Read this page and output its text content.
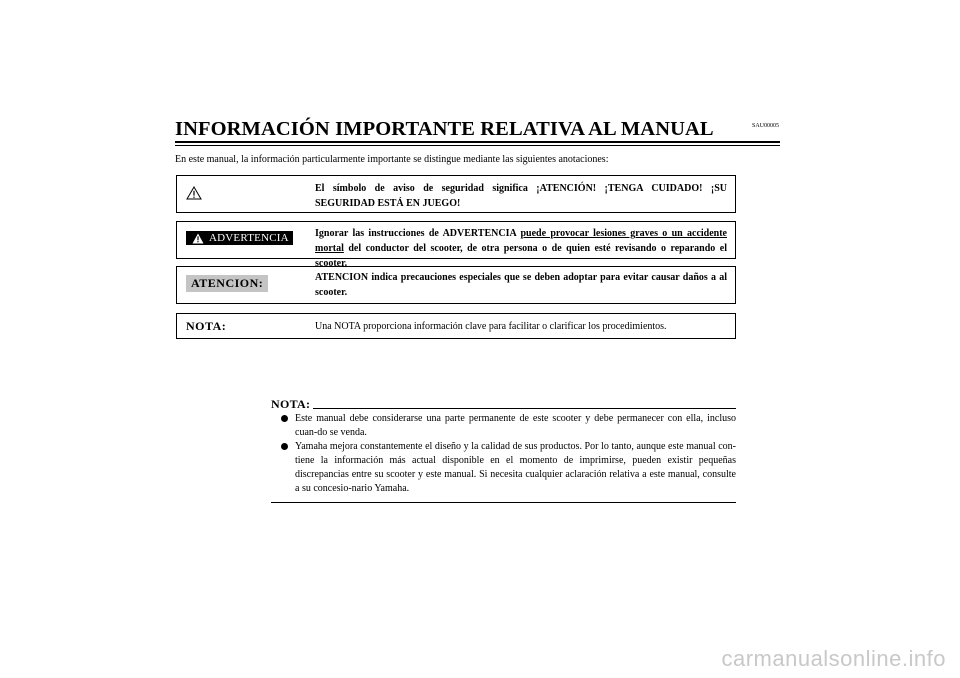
SAU00005
INFORMACIÓN IMPORTANTE RELATIVA AL MANUAL
En este manual, la información particularmente importante se distingue mediante las siguientes anotaciones:
El símbolo de aviso de seguridad significa ¡ATENCIÓN! ¡TENGA CUIDADO! ¡SU SEGURIDAD ESTÁ EN JUEGO!
ADVERTENCIA	Ignorar las instrucciones de ADVERTENCIA puede provocar lesiones graves o un accidente mortal del conductor del scooter, de otra persona o de quien esté revisando o reparando el scooter.
ATENCION:	ATENCION indica precauciones especiales que se deben adoptar para evitar causar daños a al scooter.
NOTA:	Una NOTA proporciona información clave para facilitar o clarificar los procedimientos.
NOTA:
Este manual debe considerarse una parte permanente de este scooter y debe permanecer con ella, incluso cuan-do se venda.
Yamaha mejora constantemente el diseño y la calidad de sus productos. Por lo tanto, aunque este manual con-tiene la información más actual disponible en el momento de imprimirse, pueden existir pequeñas discrepancias entre su scooter y este manual. Si necesita cualquier aclaración relativa a este manual, consulte a su concesio-nario Yamaha.
carmanualsonline.info
